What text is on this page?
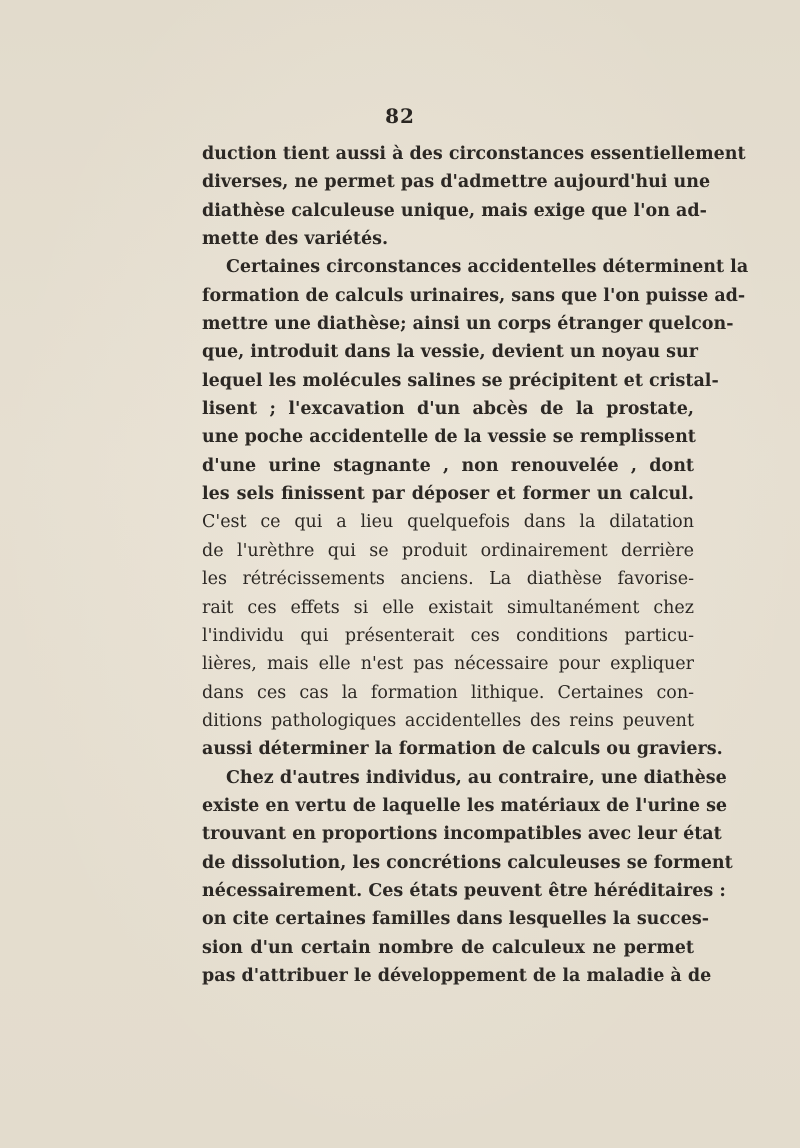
82
duction tient aussi à des circonstances essentiellement
diverses, ne permet pas d'admettre aujourd'hui une
diathèse calculeuse unique, mais exige que l'on ad-
mette des variétés.
Certaines circonstances accidentelles déterminent la
formation de calculs urinaires, sans que l'on puisse ad-
mettre une diathèse; ainsi un corps étranger quelcon-
que, introduit dans la vessie, devient un noyau sur
lequel les molécules salines se précipitent et cristal-
lisent ; l'excavation d'un abcès de la prostate,
une poche accidentelle de la vessie se remplissent
d'une urine stagnante , non renouvelée , dont
les sels finissent par déposer et former un calcul.
C'est ce qui a lieu quelquefois dans la dilatation
de l'urèthre qui se produit ordinairement derrière
les rétrécissements anciens. La diathèse favorise-
rait ces effets si elle existait simultanément chez
l'individu qui présenterait ces conditions particu-
lières, mais elle n'est pas nécessaire pour expliquer
dans ces cas la formation lithique. Certaines con-
ditions pathologiques accidentelles des reins peuvent
aussi déterminer la formation de calculs ou graviers.
Chez d'autres individus, au contraire, une diathèse
existe en vertu de laquelle les matériaux de l'urine se
trouvant en proportions incompatibles avec leur état
de dissolution, les concrétions calculeuses se forment
nécessairement. Ces états peuvent être héréditaires :
on cite certaines familles dans lesquelles la succes-
sion d'un certain nombre de calculeux ne permet
pas d'attribuer le développement de la maladie à de
